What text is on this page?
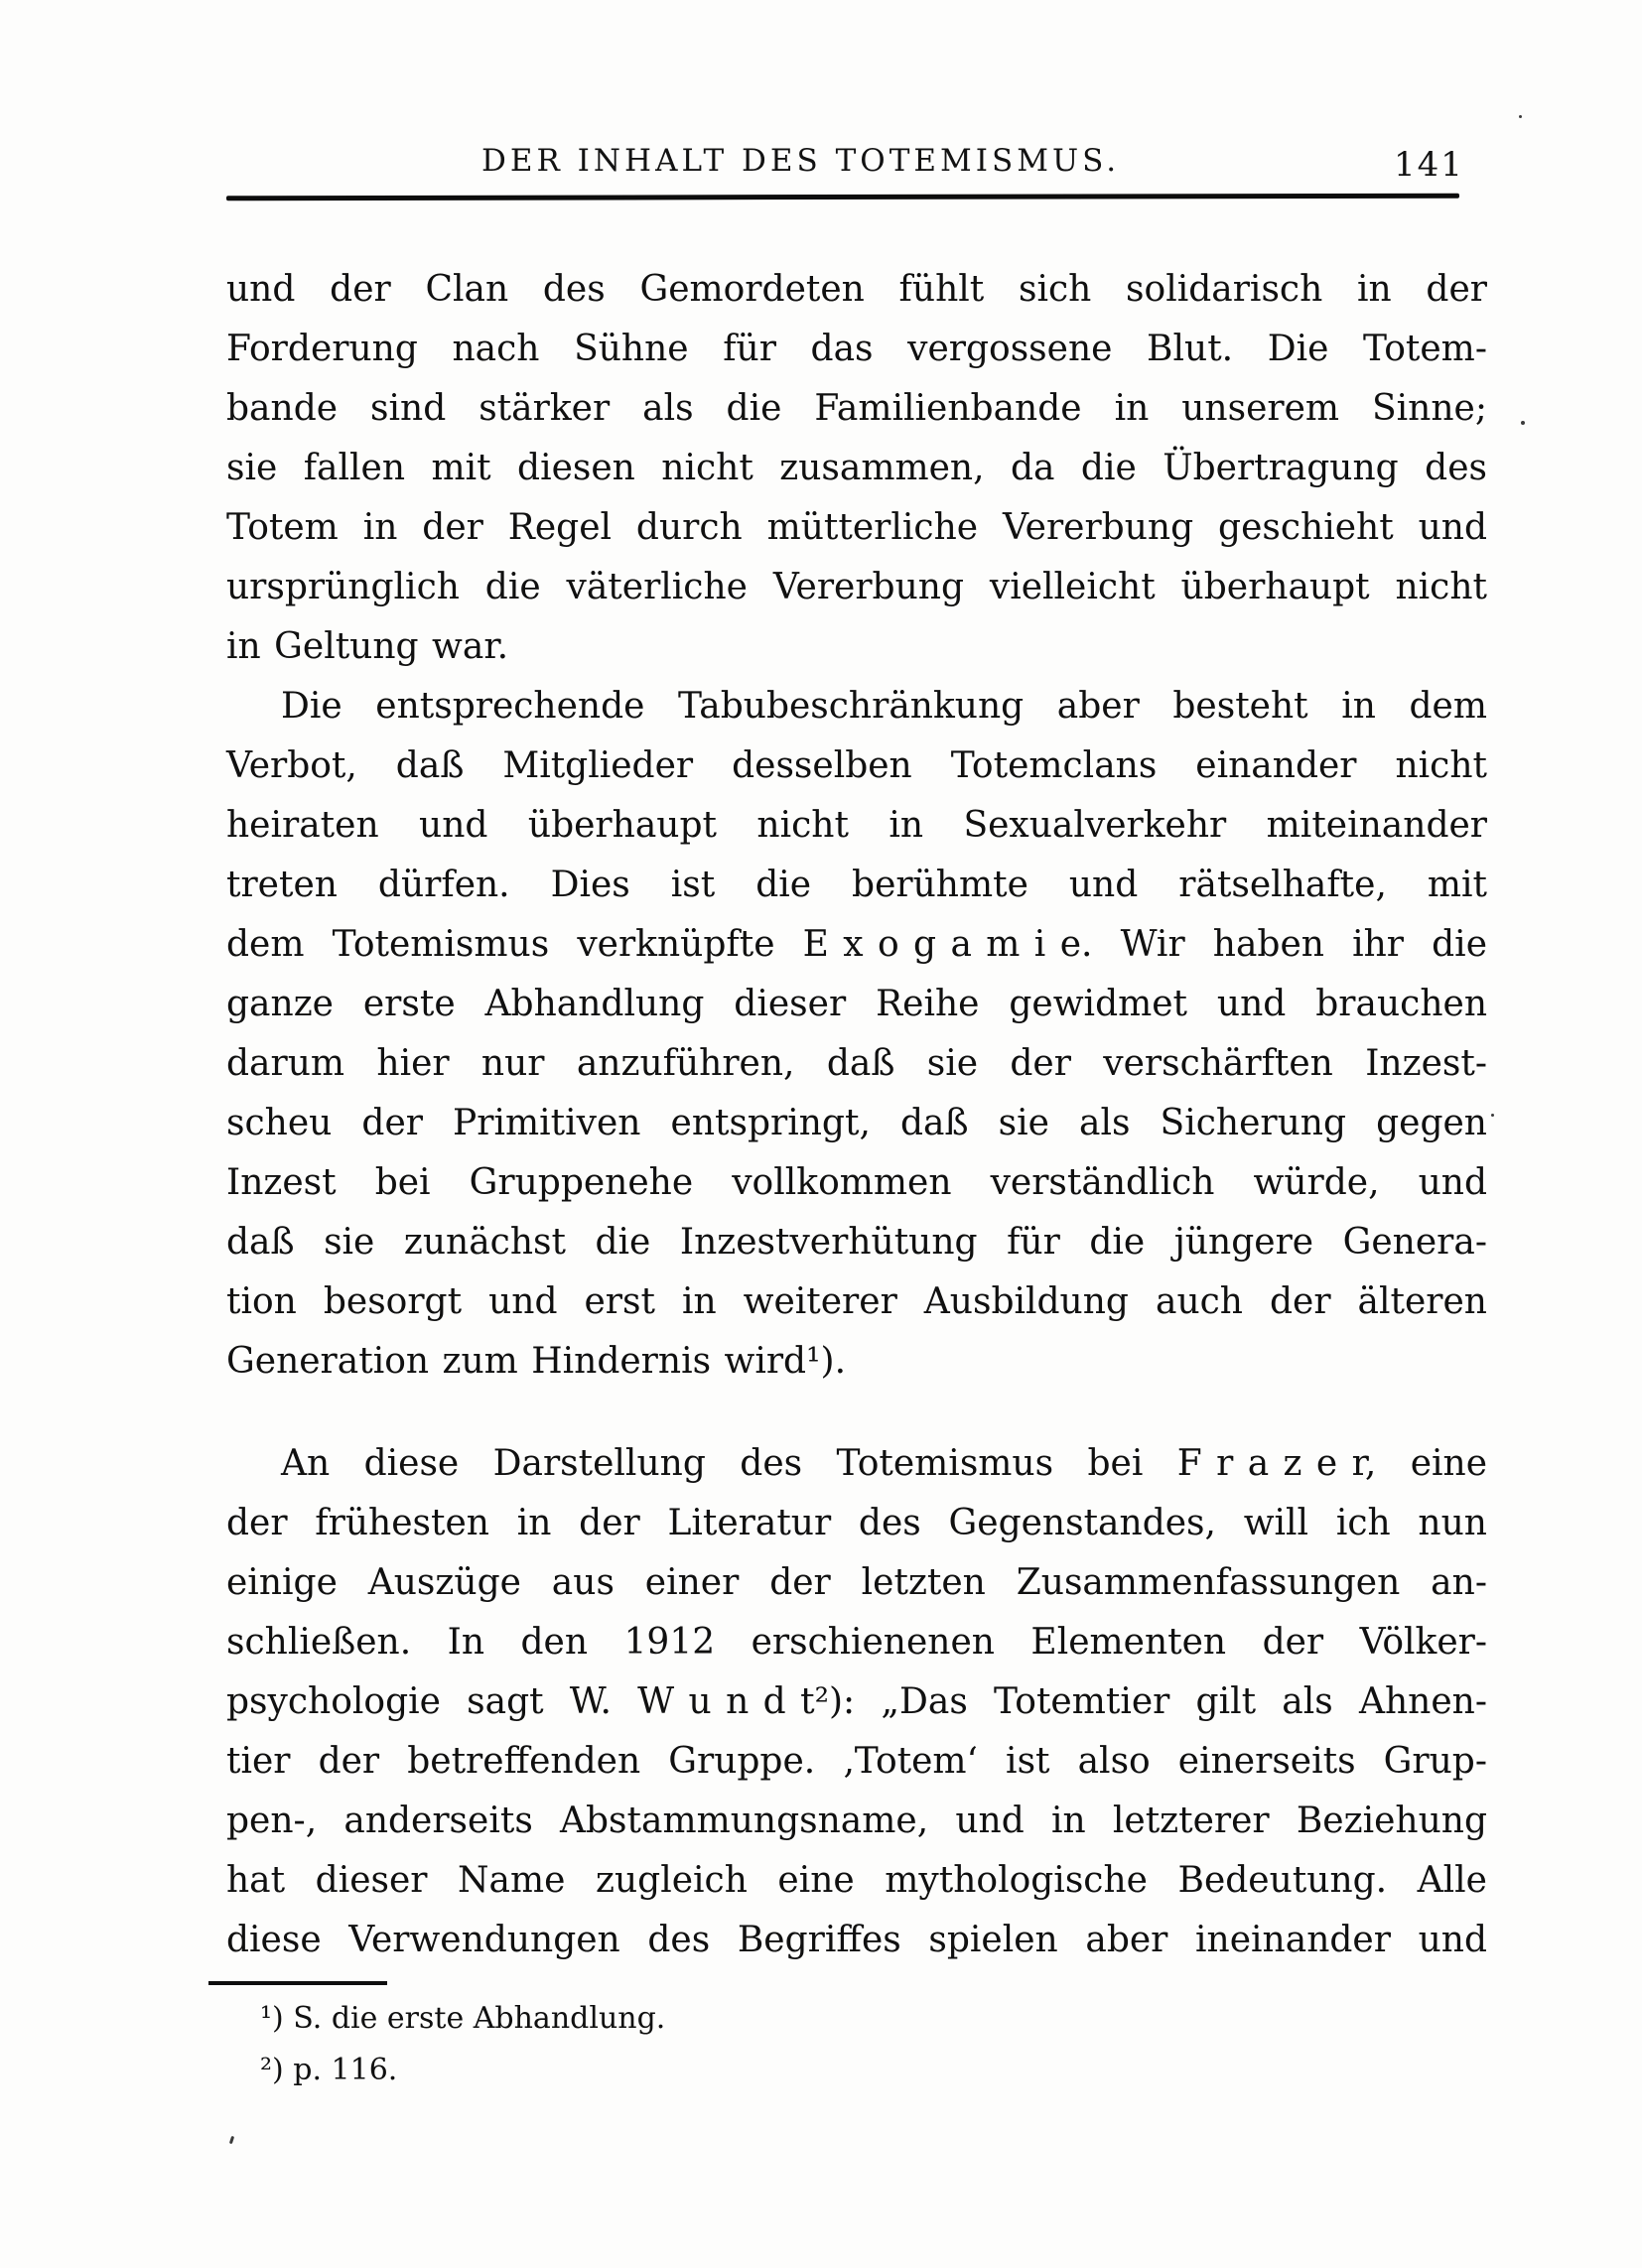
DER INHALT DES TOTEMISMUS.	141
und der Clan des Gemordeten fühlt sich solidarisch in der
Forderung nach Sühne für das vergossene Blut. Die Totem-
bande sind stärker als die Familienbande in unserem Sinne;
sie fallen mit diesen nicht zusammen, da die Übertragung des
Totem in der Regel durch mütterliche Vererbung geschieht und
ursprünglich die väterliche Vererbung vielleicht überhaupt nicht
in Geltung war.
Die entsprechende Tabubeschränkung aber besteht in dem
Verbot, daß Mitglieder desselben Totemclans einander nicht
heiraten und überhaupt nicht in Sexualverkehr miteinander
treten dürfen. Dies ist die berühmte und rätselhafte, mit
dem Totemismus verknüpfte E  x  o  g  a  m  i  e. Wir haben ihr die
ganze erste Abhandlung dieser Reihe gewidmet und brauchen
darum hier nur anzuführen, daß sie der verschärften Inzest-
scheu der Primitiven entspringt, daß sie als Sicherung gegen
Inzest bei Gruppenehe vollkommen verständlich würde, und
daß sie zunächst die Inzestverhütung für die jüngere Genera-
tion besorgt und erst in weiterer Ausbildung auch der älteren
Generation zum Hindernis wird¹).
An diese Darstellung des Totemismus bei F  r  a  z  e  r, eine
der frühesten in der Literatur des Gegenstandes, will ich nun
einige Auszüge aus einer der letzten Zusammenfassungen an-
schließen. In den 1912 erschienenen Elementen der Völker-
psychologie sagt W. W  u  n  d  t²): „Das Totemtier gilt als Ahnen-
tier der betreffenden Gruppe. ‚Totem‘ ist also einerseits Grup-
pen-, anderseits Abstammungsname, und in letzterer Beziehung
hat dieser Name zugleich eine mythologische Bedeutung. Alle
diese Verwendungen des Begriffes spielen aber ineinander und
¹) S. die erste Abhandlung.
²) p. 116.
